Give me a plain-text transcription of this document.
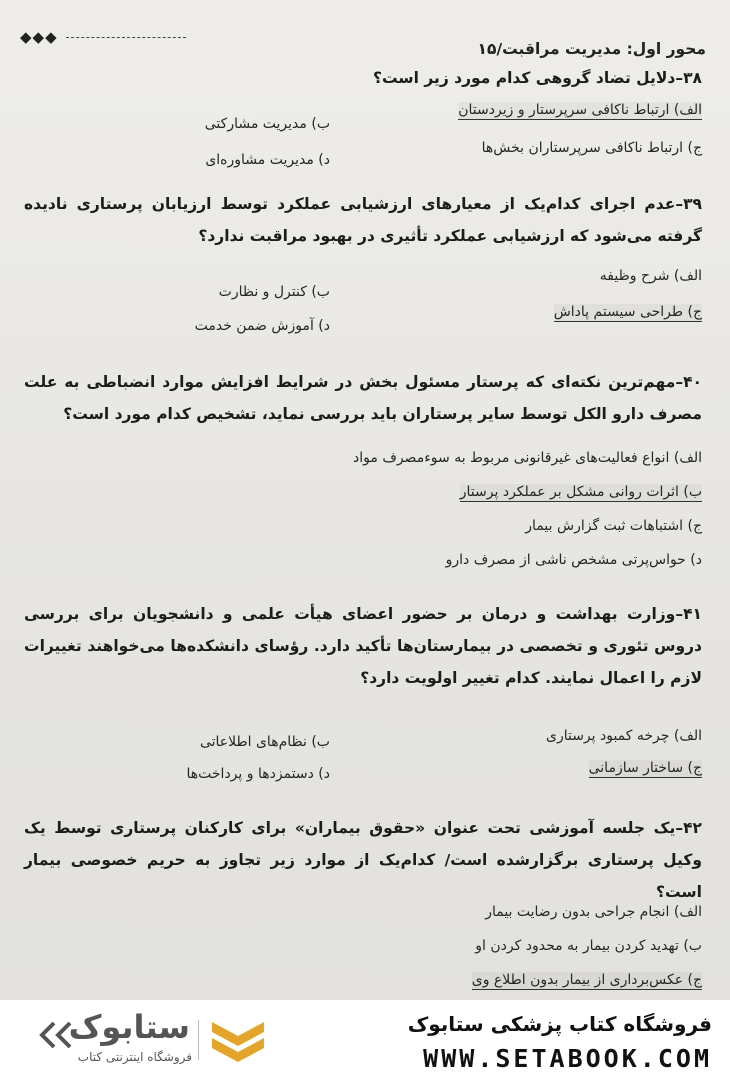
محور اول: مدیریت مراقبت/۱۵
◆◆◆
۳۸–دلایل تضاد گروهی کدام مورد زیر است؟
الف) ارتباط ناکافی سرپرستار و زیردستان
ب) مدیریت مشارکتی
ج) ارتباط ناکافی سرپرستاران بخش‌ها
د) مدیریت مشاوره‌ای
۳۹–عدم اجرای کدام‌یک از معیارهای ارزشیابی عملکرد توسط ارزیابان پرستاری نادیده گرفته می‌شود که ارزشیابی عملکرد تأثیری در بهبود مراقبت ندارد؟
الف) شرح وظیفه
ب) کنترل و نظارت
ج) طراحی سیستم پاداش
د) آموزش ضمن خدمت
۴۰–مهم‌ترین نکته‌ای که پرستار مسئول بخش در شرایط افزایش موارد انضباطی به علت مصرف دارو الکل توسط سایر پرستاران باید بررسی نماید، تشخیص کدام مورد است؟
الف) انواع فعالیت‌های غیرقانونی مربوط به سوءمصرف مواد
ب) اثرات روانی مشکل بر عملکرد پرستار
ج) اشتباهات ثبت گزارش بیمار
د) حواس‌پرتی مشخص ناشی از مصرف دارو
۴۱–وزارت بهداشت و درمان بر حضور اعضای هیأت علمی و دانشجویان برای بررسی دروس تئوری و تخصصی در بیمارستان‌ها تأکید دارد. رؤسای دانشکده‌ها می‌خواهند تغییرات لازم را اعمال نمایند. کدام تغییر اولویت دارد؟
الف) چرخه کمبود پرستاری
ب) نظام‌های اطلاعاتی
ج) ساختار سازمانی
د) دستمزدها و پرداخت‌ها
۴۲–یک جلسه آموزشی تحت عنوان «حقوق بیماران» برای کارکنان پرستاری توسط یک وکیل پرستاری برگزارشده است/ کدام‌یک از موارد زیر تجاوز به حریم خصوصی بیمار است؟
الف) انجام جراحی بدون رضایت بیمار
ب) تهدید کردن بیمار به محدود کردن او
ج) عکس‌برداری از بیمار بدون اطلاع وی
فروشگاه کتاب پزشکی ستابوک
WWW.SETABOOK.COM
ستابوک
فروشگاه اینترنتی کتاب
